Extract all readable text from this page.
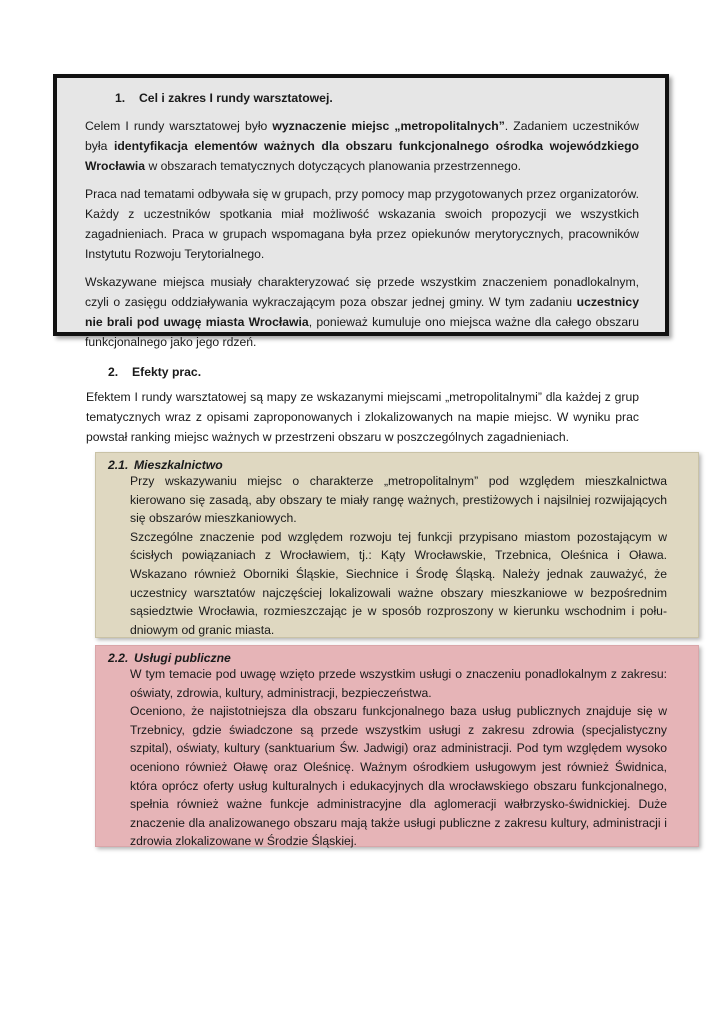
1. Cel i zakres I rundy warsztatowej.

Celem I rundy warsztatowej było wyznaczenie miejsc „metropolitalnych”. Zadaniem uczestników była identyfikacja elementów ważnych dla obszaru funkcjonalnego ośrodka wojewódzkiego Wrocławia w obszarach tematycznych dotyczących planowania przestrzennego.

Praca nad tematami odbywała się w grupach, przy pomocy map przygotowanych przez organizatorów. Każdy z uczestników spotkania miał możliwość wskazania swoich propozycji we wszystkich zagadnieniach. Praca w grupach wspomagana była przez opiekunów merytorycznych, pracowników Instytutu Rozwoju Terytorialnego.

Wskazywane miejsca musiały charakteryzować się przede wszystkim znaczeniem ponadlokalnym, czyli o zasięgu oddziaływania wykraczającym poza obszar jednej gminy. W tym zadaniu uczestnicy nie brali pod uwagę miasta Wrocławia, ponieważ kumuluje ono miejsca ważne dla całego obszaru funkcjonalnego jako jego rdzeń.

2. Efekty prac.

Efektem I rundy warsztatowej są mapy ze wskazanymi miejscami „metropolitalnymi” dla każdej z grup tematycznych wraz z opisami zaproponowanych i zlokalizowanych na mapie miejsc. W wyniku prac powstał ranking miejsc ważnych w przestrzeni obszaru w poszczególnych zagadnieniach.

2.1. Mieszkalnictwo

Przy wskazywaniu miejsc o charakterze „metropolitalnym” pod względem mieszkalnictwa kierowano się zasadą, aby obszary te miały rangę ważnych, prestiżowych i najsilniej rozwijających się obszarów mieszkaniowych.

Szczególne znaczenie pod względem rozwoju tej funkcji przypisano miastom pozostającym w ścisłych powiązaniach z Wrocławiem, tj.: Kąty Wrocławskie, Trzebnica, Oleśnica i Oława. Wskazano również Oborniki Śląskie, Siechnice i Środę Śląską. Należy jednak zauważyć, że uczestnicy warsztatów najczęściej lokalizowali ważne obszary mieszkaniowe w bezpośrednim sąsiedztwie Wrocławia, rozmieszczając je w sposób rozproszony w kierunku wschodnim i południowym od granic miasta.

2.2. Usługi publiczne

W tym temacie pod uwagę wzięto przede wszystkim usługi o znaczeniu ponadlokalnym z zakresu: oświaty, zdrowia, kultury, administracji, bezpieczeństwa.

Oceniono, że najistotniejsza dla obszaru funkcjonalnego baza usług publicznych znajduje się w Trzebnicy, gdzie świadczone są przede wszystkim usługi z zakresu zdrowia (specjalistyczny szpital), oświaty, kultury (sanktuarium Św. Jadwigi) oraz administracji. Pod tym względem wysoko oceniono również Oławę oraz Oleśnicę. Ważnym ośrodkiem usługowym jest również Świdnica, która oprócz oferty usług kulturalnych i edukacyjnych dla wrocławskiego obszaru funkcjonalnego, spełnia również ważne funkcje administracyjne dla aglomeracji wałbrzysko-świdnickiej. Duże znaczenie dla analizowanego obszaru mają także usługi publiczne z zakresu kultury, administracji i zdrowia zlokalizowane w Środzie Śląskiej.
